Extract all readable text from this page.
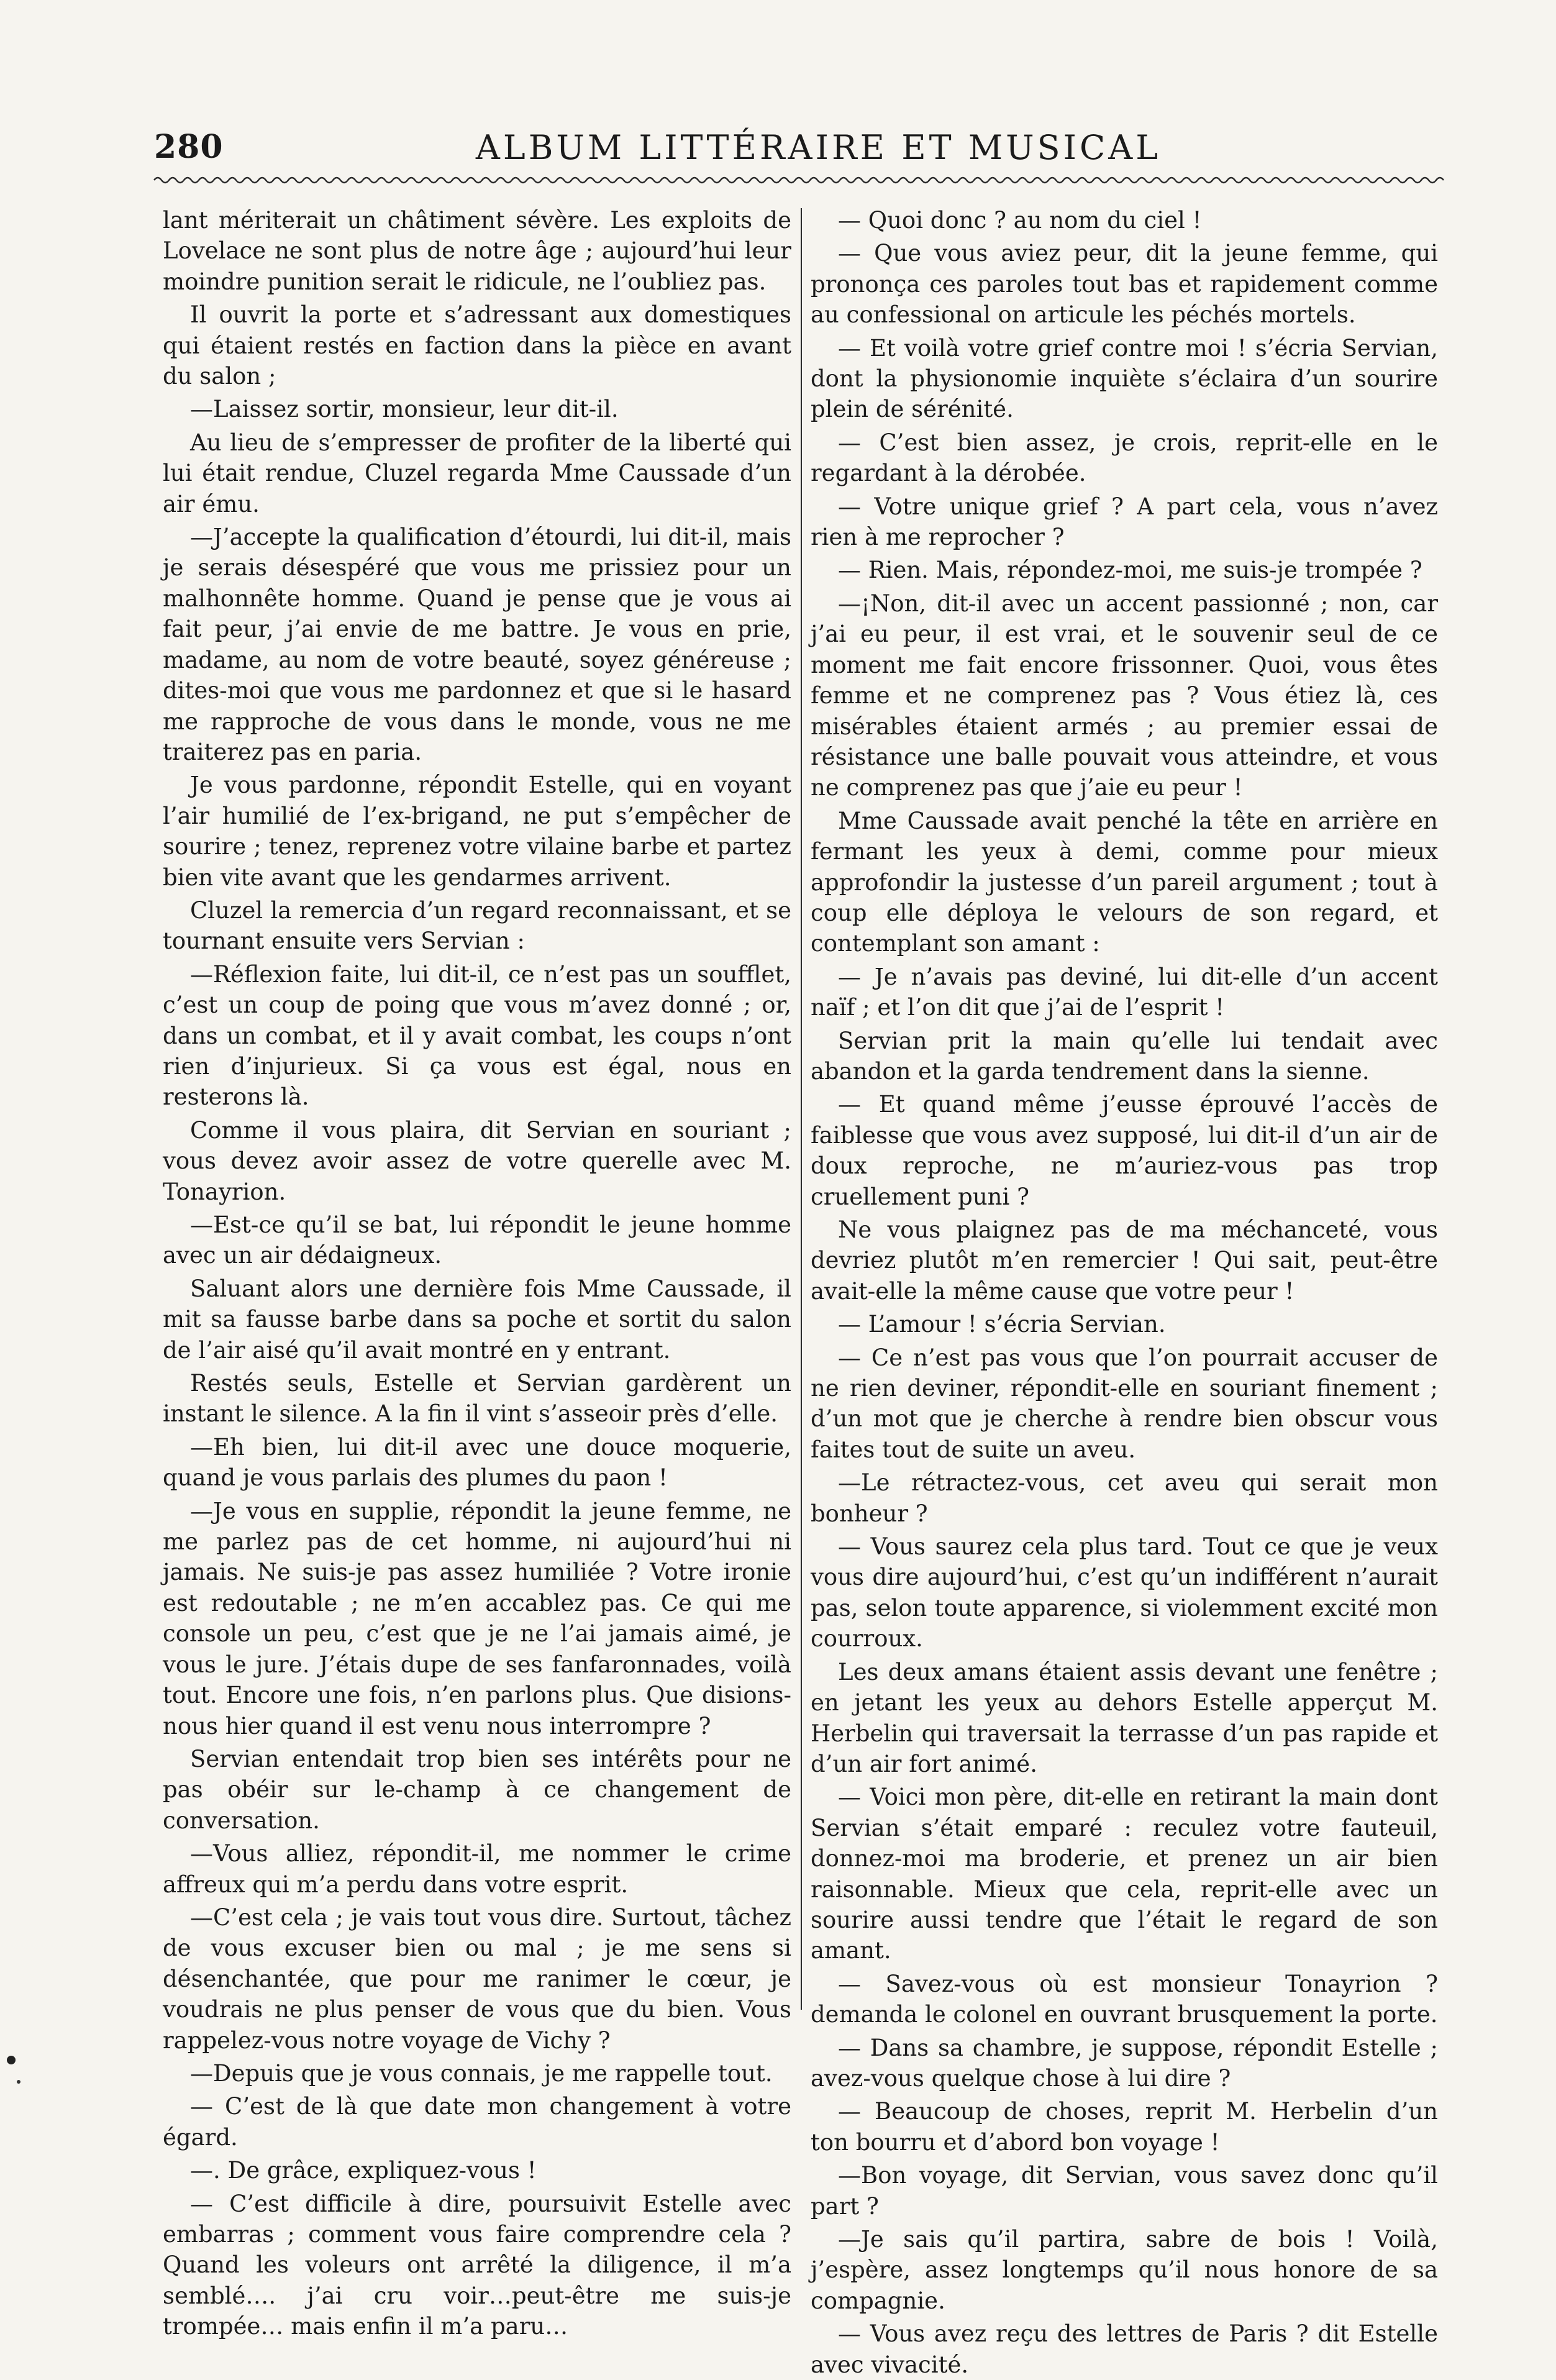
280	ALBUM LITTÉRAIRE ET MUSICAL

lant mériterait un châtiment sévère. Les exploits de Lovelace ne sont plus de notre âge ; aujourd’hui leur moindre punition serait le ridicule, ne l’oubliez pas.

Il ouvrit la porte et s’adressant aux domestiques qui étaient restés en faction dans la pièce en avant du salon ;

—Laissez sortir, monsieur, leur dit-il.

Au lieu de s’empresser de profiter de la liberté qui lui était rendue, Cluzel regarda Mme Caussade d’un air ému.

—J’accepte la qualification d’étourdi, lui dit-il, mais je serais désespéré que vous me prissiez pour un malhonnête homme. Quand je pense que je vous ai fait peur, j’ai envie de me battre. Je vous en prie, madame, au nom de votre beauté, soyez généreuse ; dites-moi que vous me pardonnez et que si le hasard me rapproche de vous dans le monde, vous ne me traiterez pas en paria.

Je vous pardonne, répondit Estelle, qui en voyant l’air humilié de l’ex-brigand, ne put s’empêcher de sourire ; tenez, reprenez votre vilaine barbe et partez bien vite avant que les gendarmes arrivent.

Cluzel la remercia d’un regard reconnaissant, et se tournant ensuite vers Servian :

—Réflexion faite, lui dit-il, ce n’est pas un soufflet, c’est un coup de poing que vous m’avez donné ; or, dans un combat, et il y avait combat, les coups n’ont rien d’injurieux. Si ça vous est égal, nous en resterons là.

Comme il vous plaira, dit Servian en souriant ; vous devez avoir assez de votre querelle avec M. Tonayrion.

—Est-ce qu’il se bat, lui répondit le jeune homme avec un air dédaigneux.

Saluant alors une dernière fois Mme Caussade, il mit sa fausse barbe dans sa poche et sortit du salon de l’air aisé qu’il avait montré en y entrant.

Restés seuls, Estelle et Servian gardèrent un instant le silence. A la fin il vint s’asseoir près d’elle.

—Eh bien, lui dit-il avec une douce moquerie, quand je vous parlais des plumes du paon !

—Je vous en supplie, répondit la jeune femme, ne me parlez pas de cet homme, ni aujourd’hui ni jamais. Ne suis-je pas assez humiliée ? Votre ironie est redoutable ; ne m’en accablez pas. Ce qui me console un peu, c’est que je ne l’ai jamais aimé, je vous le jure. J’étais dupe de ses fanfaronnades, voilà tout. Encore une fois, n’en parlons plus. Que disions-nous hier quand il est venu nous interrompre ?

Servian entendait trop bien ses intérêts pour ne pas obéir sur le-champ à ce changement de conversation.

—Vous alliez, répondit-il, me nommer le crime affreux qui m’a perdu dans votre esprit.

—C’est cela ; je vais tout vous dire. Surtout, tâchez de vous excuser bien ou mal ; je me sens si désenchantée, que pour me ranimer le cœur, je voudrais ne plus penser de vous que du bien. Vous rappelez-vous notre voyage de Vichy ?

—Depuis que je vous connais, je me rappelle tout.

— C’est de là que date mon changement à votre égard.

—. De grâce, expliquez-vous !

— C’est difficile à dire, poursuivit Estelle avec embarras ; comment vous faire comprendre cela ? Quand les voleurs ont arrêté la diligence, il m’a semblé…. j’ai cru voir…peut-être me suis-je trompée… mais enfin il m’a paru…

— Quoi donc ? au nom du ciel !

— Que vous aviez peur, dit la jeune femme, qui prononça ces paroles tout bas et rapidement comme au confessional on articule les péchés mortels.

— Et voilà votre grief contre moi ! s’écria Servian, dont la physionomie inquiète s’éclaira d’un sourire plein de sérénité.

— C’est bien assez, je crois, reprit-elle en le regardant à la dérobée.

— Votre unique grief ? A part cela, vous n’avez rien à me reprocher ?

— Rien. Mais, répondez-moi, me suis-je trompée ?

—¡Non, dit-il avec un accent passionné ; non, car j’ai eu peur, il est vrai, et le souvenir seul de ce moment me fait encore frissonner. Quoi, vous êtes femme et ne comprenez pas ? Vous étiez là, ces misérables étaient armés ; au premier essai de résistance une balle pouvait vous atteindre, et vous ne comprenez pas que j’aie eu peur !

Mme Caussade avait penché la tête en arrière en fermant les yeux à demi, comme pour mieux approfondir la justesse d’un pareil argument ; tout à coup elle déploya le velours de son regard, et contemplant son amant :

— Je n’avais pas deviné, lui dit-elle d’un accent naïf ; et l’on dit que j’ai de l’esprit !

Servian prit la main qu’elle lui tendait avec abandon et la garda tendrement dans la sienne.

— Et quand même j’eusse éprouvé l’accès de faiblesse que vous avez supposé, lui dit-il d’un air de doux reproche, ne m’auriez-vous pas trop cruellement puni ?

Ne vous plaignez pas de ma méchanceté, vous devriez plutôt m’en remercier ! Qui sait, peut-être avait-elle la même cause que votre peur !

— L’amour ! s’écria Servian.

— Ce n’est pas vous que l’on pourrait accuser de ne rien deviner, répondit-elle en souriant finement ; d’un mot que je cherche à rendre bien obscur vous faites tout de suite un aveu.

—Le rétractez-vous, cet aveu qui serait mon bonheur ?

— Vous saurez cela plus tard. Tout ce que je veux vous dire aujourd’hui, c’est qu’un indifférent n’aurait pas, selon toute apparence, si violemment excité mon courroux.

Les deux amans étaient assis devant une fenêtre ; en jetant les yeux au dehors Estelle apperçut M. Herbelin qui traversait la terrasse d’un pas rapide et d’un air fort animé.

— Voici mon père, dit-elle en retirant la main dont Servian s’était emparé : reculez votre fauteuil, donnez-moi ma broderie, et prenez un air bien raisonnable. Mieux que cela, reprit-elle avec un sourire aussi tendre que l’était le regard de son amant.

— Savez-vous où est monsieur Tonayrion ? demanda le colonel en ouvrant brusquement la porte.

— Dans sa chambre, je suppose, répondit Estelle ; avez-vous quelque chose à lui dire ?

— Beaucoup de choses, reprit M. Herbelin d’un ton bourru et d’abord bon voyage !

—Bon voyage, dit Servian, vous savez donc qu’il part ?

—Je sais qu’il partira, sabre de bois ! Voilà, j’espère, assez longtemps qu’il nous honore de sa compagnie.

— Vous avez reçu des lettres de Paris ? dit Estelle avec vivacité.
